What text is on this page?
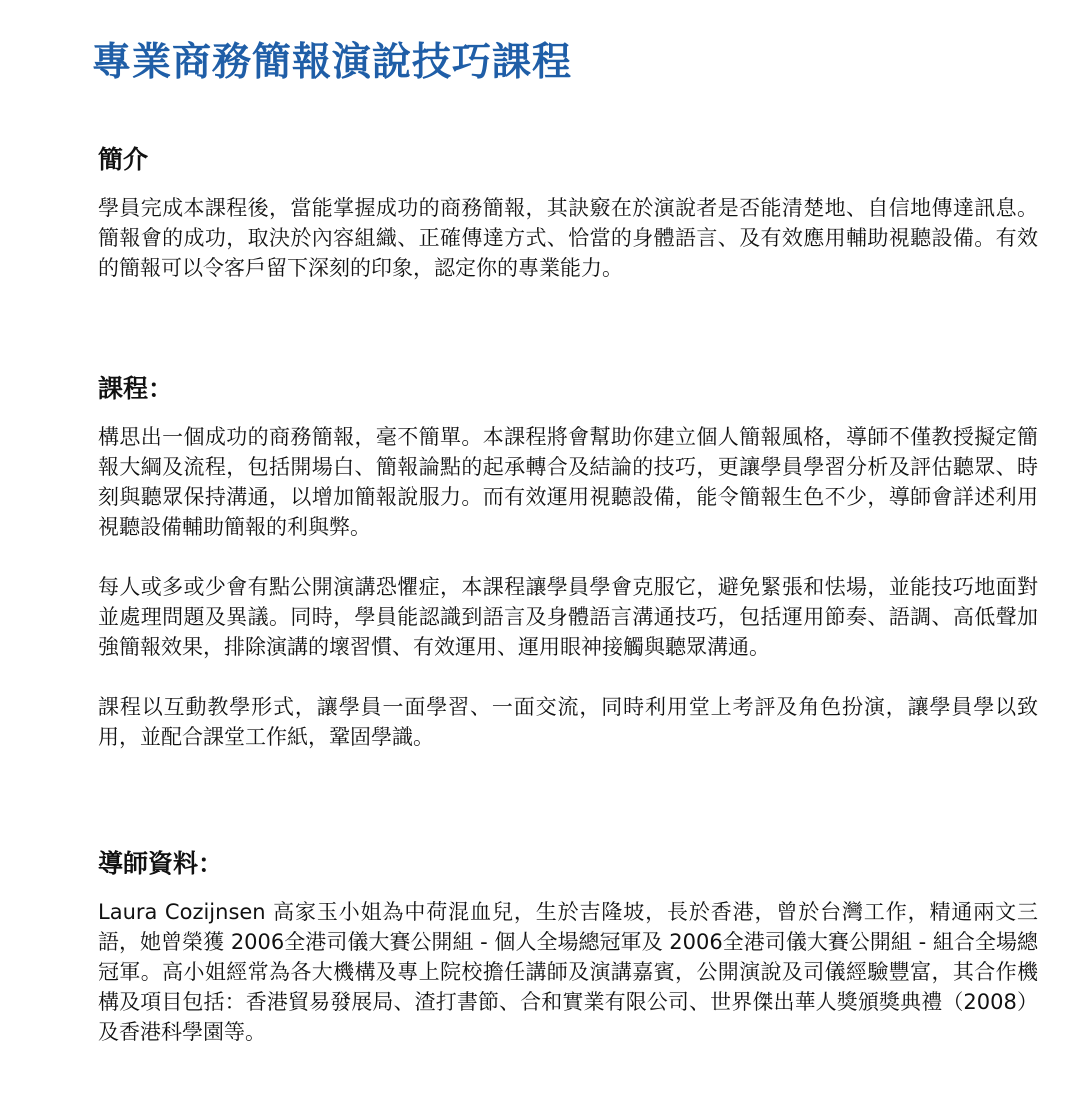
專業商務簡報演說技巧課程
簡介

學員完成本課程後，當能掌握成功的商務簡報，其訣竅在於演說者是否能清楚地、自信地傳達訊息。簡報會的成功，取決於內容組織、正確傳達方式、恰當的身體語言、及有效應用輔助視聽設備。有效的簡報可以令客戶留下深刻的印象，認定你的專業能力。

課程：

構思出一個成功的商務簡報，毫不簡單。本課程將會幫助你建立個人簡報風格，導師不僅教授擬定簡報大綱及流程，包括開場白、簡報論點的起承轉合及結論的技巧，更讓學員學習分析及評估聽眾、時刻與聽眾保持溝通，以增加簡報說服力。而有效運用視聽設備，能令簡報生色不少，導師會詳述利用視聽設備輔助簡報的利與弊。

每人或多或少會有點公開演講恐懼症，本課程讓學員學會克服它，避免緊張和怯場，並能技巧地面對並處理問題及異議。同時，學員能認識到語言及身體語言溝通技巧，包括運用節奏、語調、高低聲加強簡報效果，排除演講的壞習慣、有效運用、運用眼神接觸與聽眾溝通。

課程以互動教學形式，讓學員一面學習、一面交流，同時利用堂上考評及角色扮演，讓學員學以致用，並配合課堂工作紙，鞏固學識。

導師資料：

Laura Cozijnsen 高家玉小姐為中荷混血兒，生於吉隆坡，長於香港，曾於台灣工作，精通兩文三語，她曾榮獲 2006全港司儀大賽公開組 - 個人全場總冠軍及 2006全港司儀大賽公開組 - 組合全場總冠軍。高小姐經常為各大機構及專上院校擔任講師及演講嘉賓，公開演說及司儀經驗豐富，其合作機構及項目包括：香港貿易發展局、渣打書節、合和實業有限公司、世界傑出華人獎頒獎典禮（2008）及香港科學園等。
